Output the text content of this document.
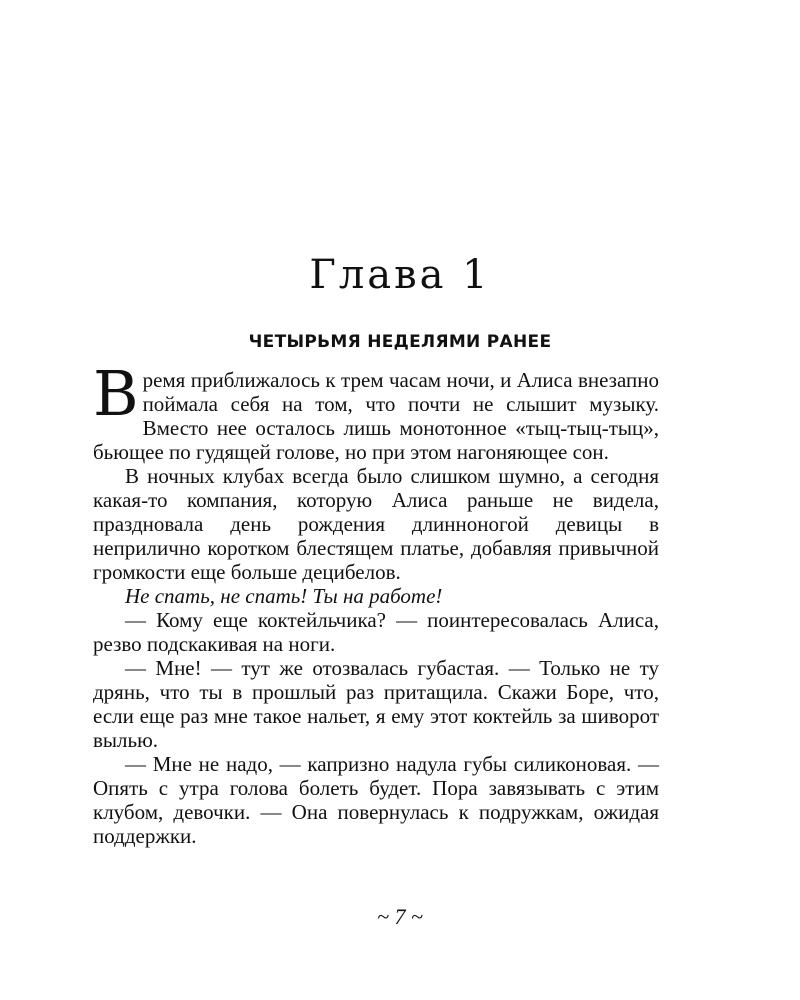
Глава 1
ЧЕТЫРЬМЯ НЕДЕЛЯМИ РАНЕЕ

Время приближалось к трем часам ночи, и Алиса внезапно поймала себя на том, что почти не слышит музыку. Вместо нее осталось лишь монотонное «тыц-тыц-тыц», бьющее по гудящей голове, но при этом нагоняющее сон.

В ночных клубах всегда было слишком шумно, а сегодня какая-то компания, которую Алиса раньше не видела, праздновала день рождения длинноногой девицы в неприлично коротком блестящем платье, добавляя привычной громкости еще больше децибелов.

Не спать, не спать! Ты на работе!

— Кому еще коктейльчика? — поинтересовалась Алиса, резво подскакивая на ноги.

— Мне! — тут же отозвалась губастая. — Только не ту дрянь, что ты в прошлый раз притащила. Скажи Боре, что, если еще раз мне такое нальет, я ему этот коктейль за шиворот вылью.

— Мне не надо, — капризно надула губы силиконовая. — Опять с утра голова болеть будет. Пора завязывать с этим клубом, девочки. — Она повернулась к подружкам, ожидая поддержки.

~ 7 ~
